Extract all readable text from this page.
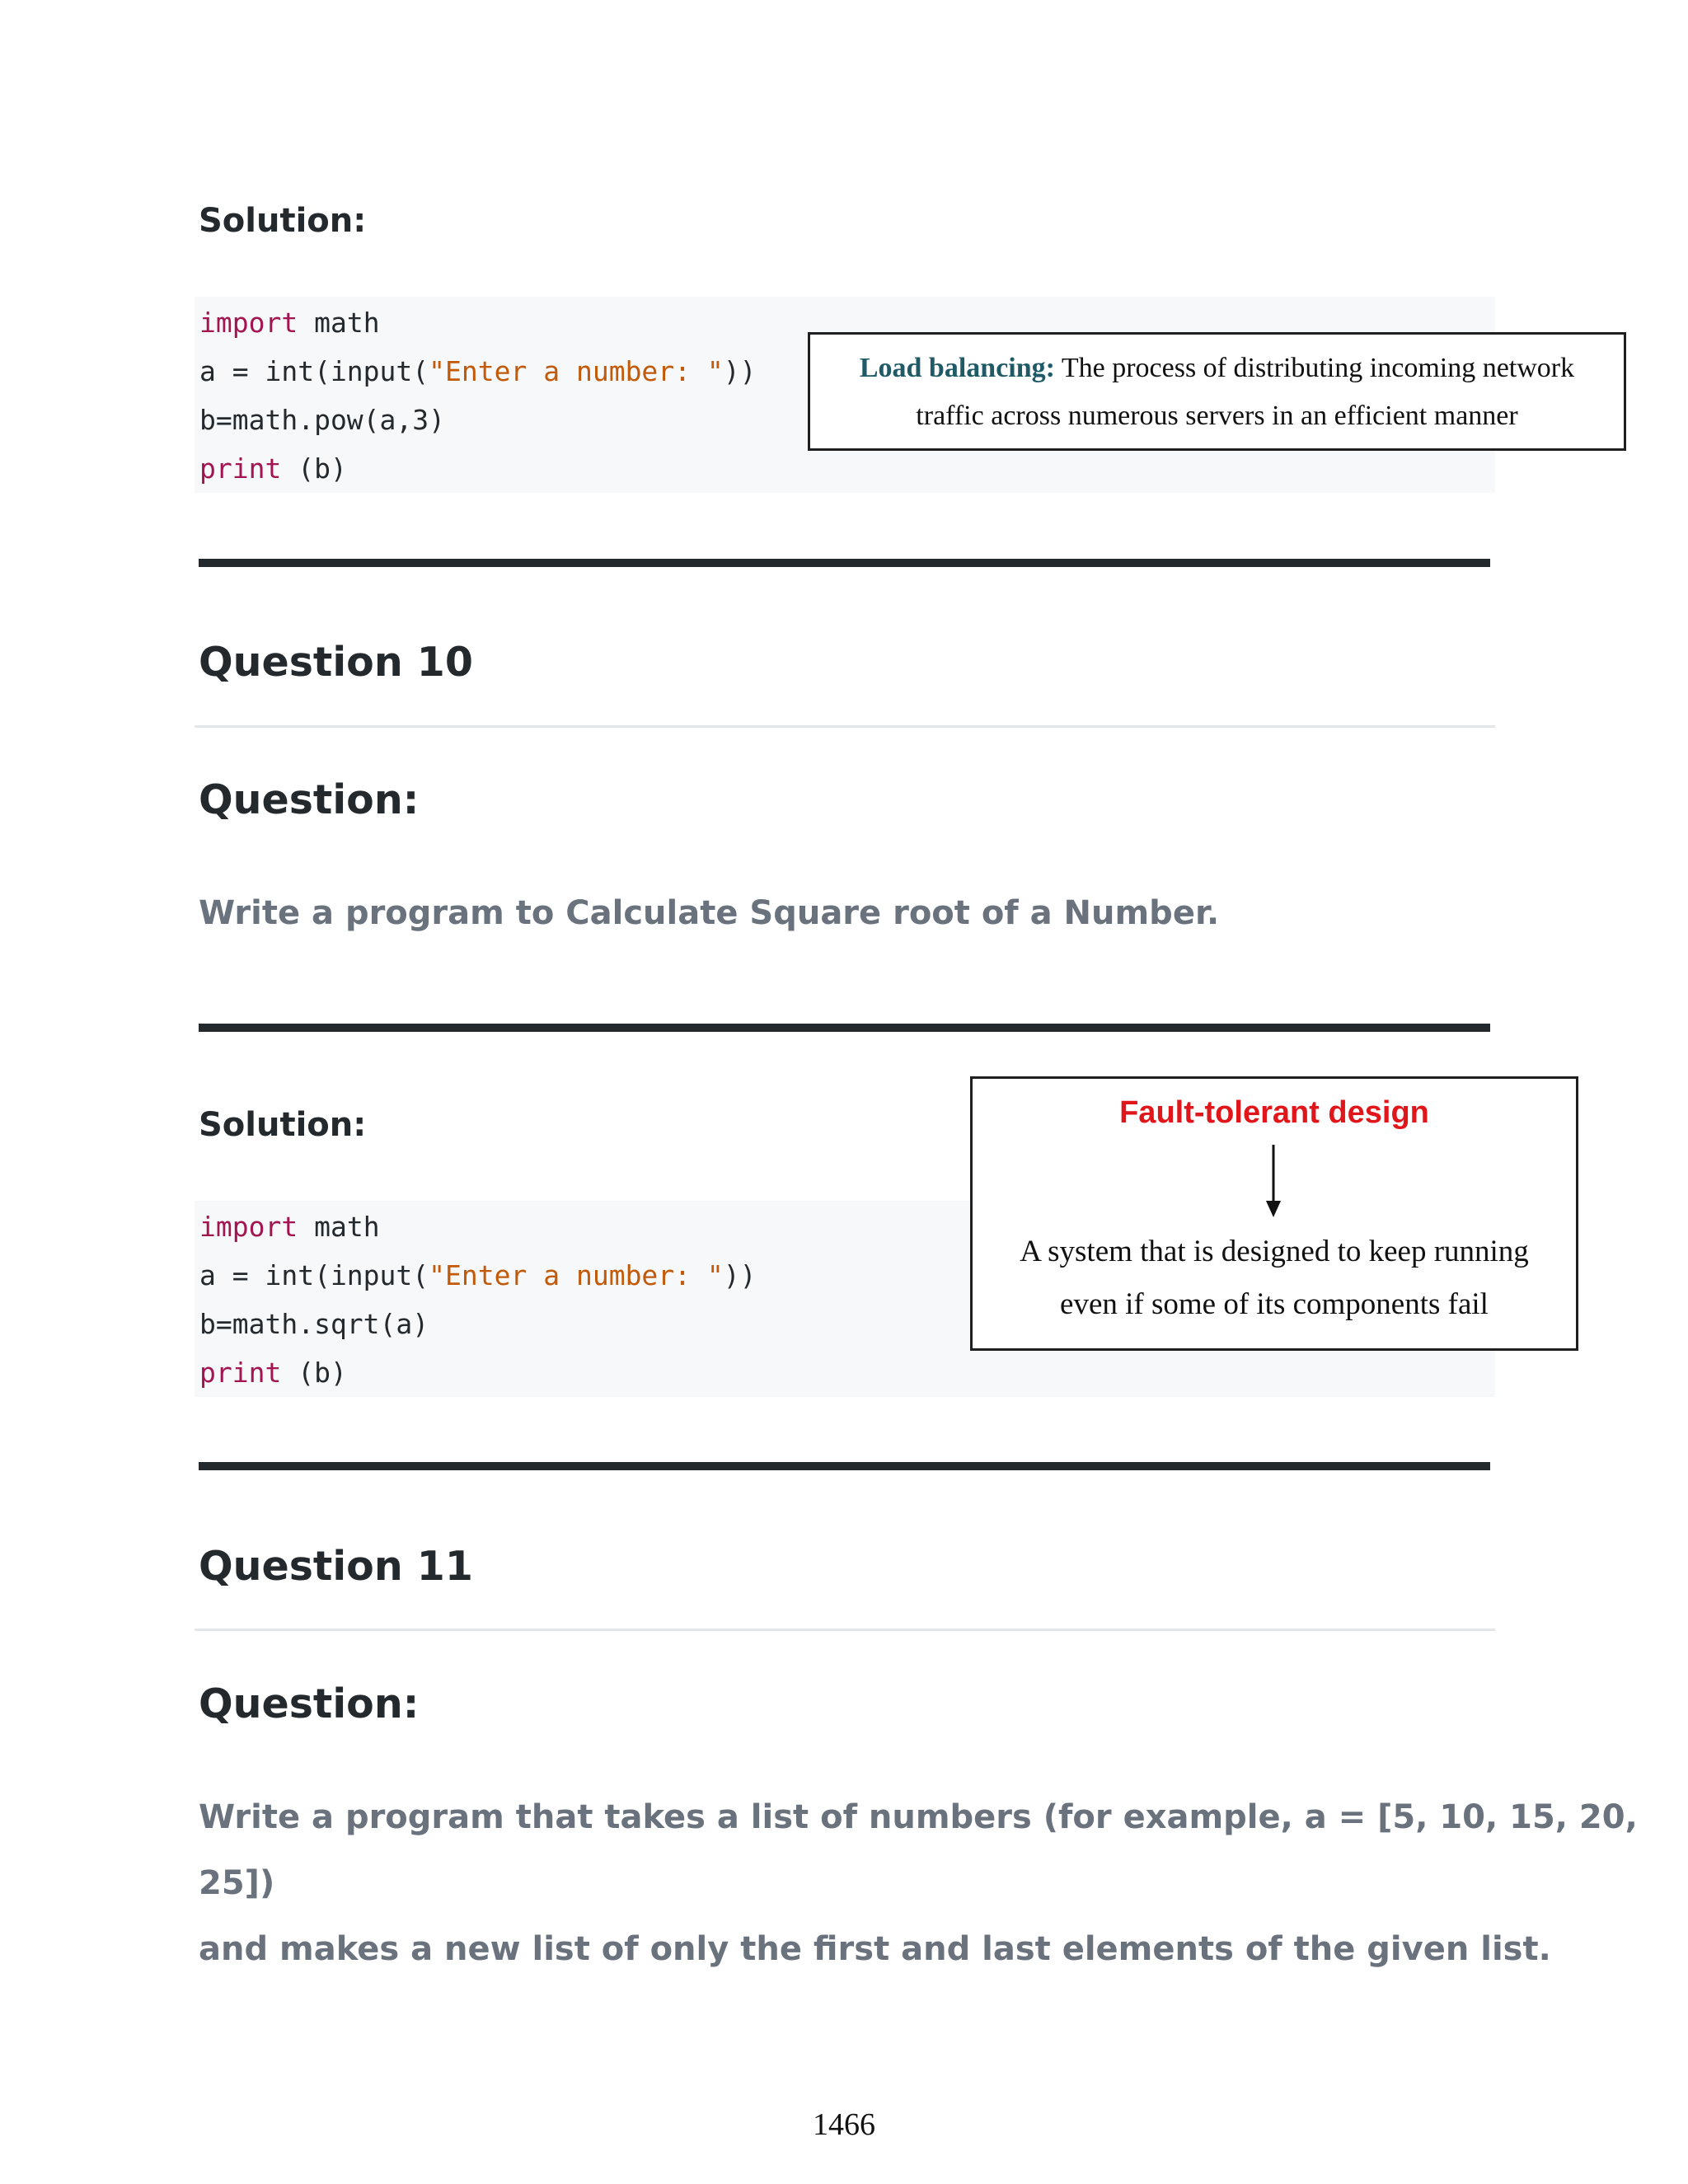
Solution:
import math
a = int(input("Enter a number: "))
b=math.pow(a,3)
print (b)
Load balancing: The process of distributing incoming network
traffic across numerous servers in an efficient manner
Question 10
Question:
Write a program to Calculate Square root of a Number.
Solution:
import math
a = int(input("Enter a number: "))
b=math.sqrt(a)
print (b)
Fault-tolerant design
A system that is designed to keep running
even if some of its components fail
Question 11
Question:
Write a program that takes a list of numbers (for example, a = [5, 10, 15, 20, 25])
and makes a new list of only the first and last elements of the given list.
1466
